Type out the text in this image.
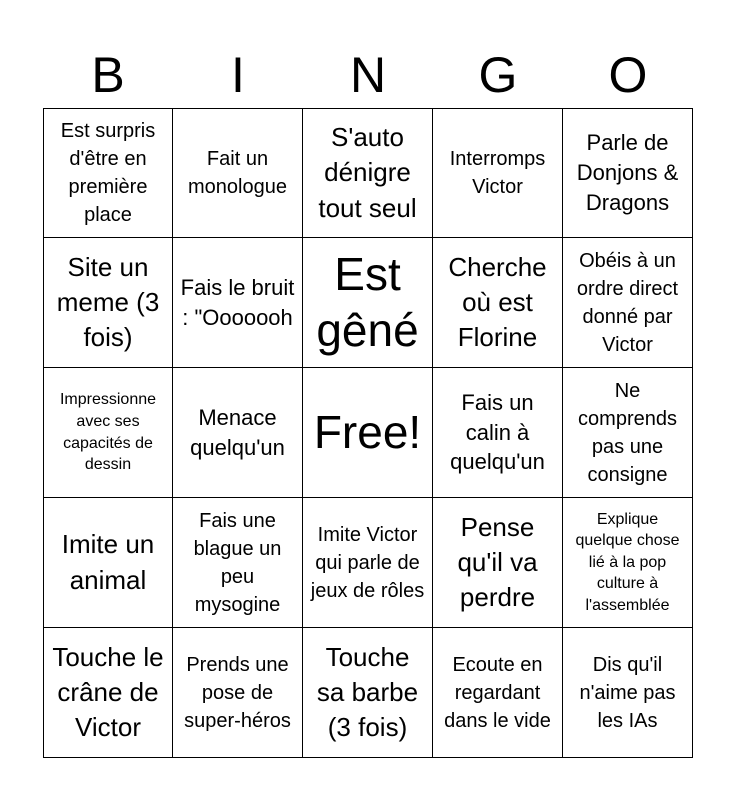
B	I	N	G	O
Est surpris d'être en première place
Fait un monologue
S'auto dénigre tout seul
Interromps Victor
Parle de Donjons & Dragons
Site un meme (3 fois)
Fais le bruit : "Ooooooh
Est gêné
Cherche où est Florine
Obéis à un ordre direct donné par Victor
Impressionne avec ses capacités de dessin
Menace quelqu'un Free!
Fais un calin à quelqu'un
Ne comprends pas une consigne
Imite un animal
Fais une blague un peu mysogine
Imite Victor qui parle de jeux de rôles
Pense qu'il va perdre
Explique quelque chose lié à la pop culture à l'assemblée
Touche le crâne de Victor
Prends une pose de super-héros
Touche sa barbe (3 fois)
Ecoute en regardant dans le vide
Dis qu'il n'aime pas les IAs
